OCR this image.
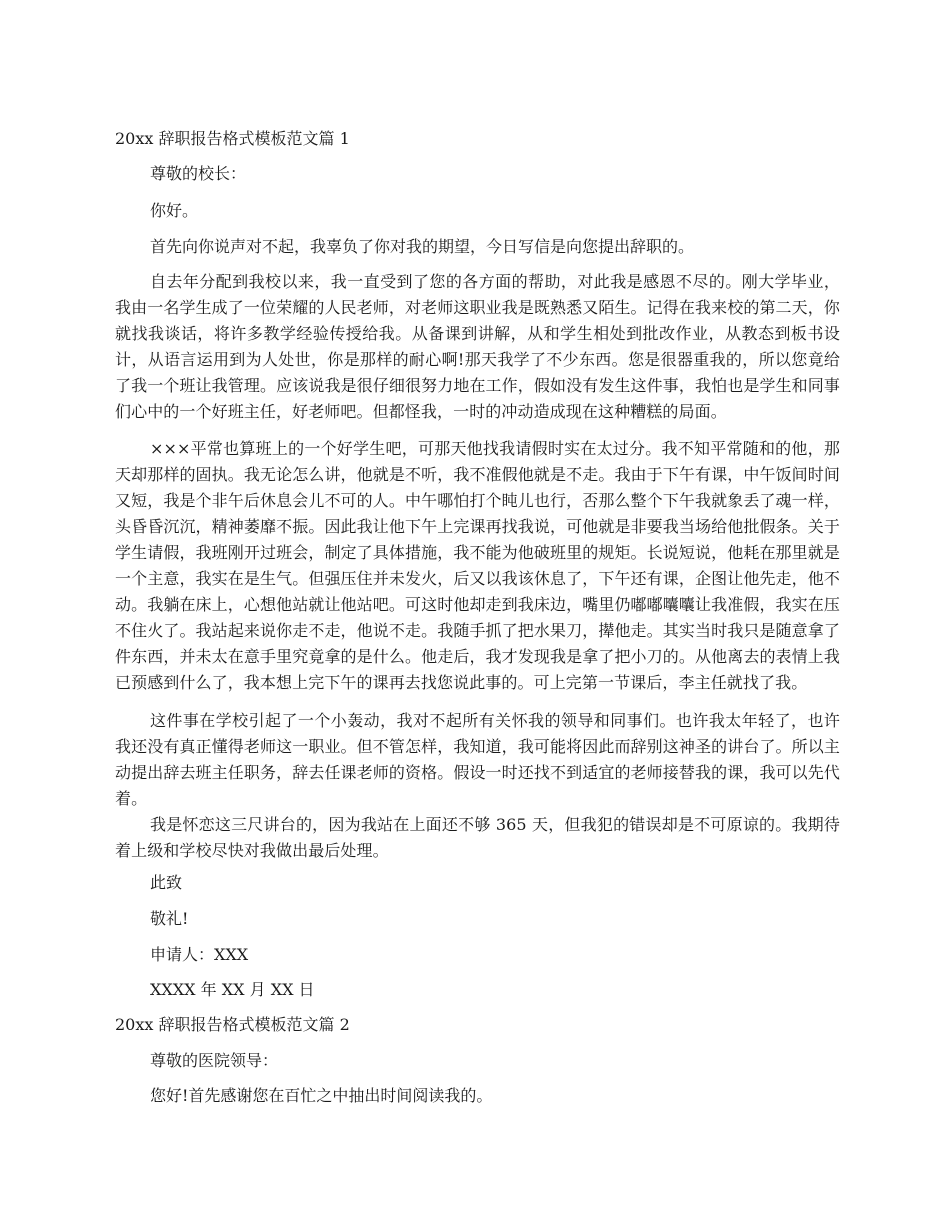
20xx 辞职报告格式模板范文篇 1
尊敬的校长：
你好。
首先向你说声对不起，我辜负了你对我的期望，今日写信是向您提出辞职的。
自去年分配到我校以来，我一直受到了您的各方面的帮助，对此我是感恩不尽的。刚大学毕业，我由一名学生成了一位荣耀的人民老师，对老师这职业我是既熟悉又陌生。记得在我来校的第二天，你就找我谈话，将许多教学经验传授给我。从备课到讲解，从和学生相处到批改作业，从教态到板书设计，从语言运用到为人处世，你是那样的耐心啊!那天我学了不少东西。您是很器重我的，所以您竟给了我一个班让我管理。应该说我是很仔细很努力地在工作，假如没有发生这件事，我怕也是学生和同事们心中的一个好班主任，好老师吧。但都怪我，一时的冲动造成现在这种糟糕的局面。
×××平常也算班上的一个好学生吧，可那天他找我请假时实在太过分。我不知平常随和的他，那天却那样的固执。我无论怎么讲，他就是不听，我不准假他就是不走。我由于下午有课，中午饭间时间又短，我是个非午后休息会儿不可的人。中午哪怕打个盹儿也行，否那么整个下午我就象丢了魂一样，头昏昏沉沉，精神萎靡不振。因此我让他下午上完课再找我说，可他就是非要我当场给他批假条。关于学生请假，我班刚开过班会，制定了具体措施，我不能为他破班里的规矩。长说短说，他耗在那里就是一个主意，我实在是生气。但强压住并未发火，后又以我该休息了，下午还有课，企图让他先走，他不动。我躺在床上，心想他站就让他站吧。可这时他却走到我床边，嘴里仍嘟嘟囔囔让我准假，我实在压不住火了。我站起来说你走不走，他说不走。我随手抓了把水果刀，撵他走。其实当时我只是随意拿了件东西，并未太在意手里究竟拿的是什么。他走后，我才发现我是拿了把小刀的。从他离去的表情上我已预感到什么了，我本想上完下午的课再去找您说此事的。可上完第一节课后，李主任就找了我。
这件事在学校引起了一个小轰动，我对不起所有关怀我的领导和同事们。也许我太年轻了，也许我还没有真正懂得老师这一职业。但不管怎样，我知道，我可能将因此而辞别这神圣的讲台了。所以主动提出辞去班主任职务，辞去任课老师的资格。假设一时还找不到适宜的老师接替我的课，我可以先代着。
我是怀恋这三尺讲台的，因为我站在上面还不够 365 天，但我犯的错误却是不可原谅的。我期待着上级和学校尽快对我做出最后处理。
此致
敬礼!
申请人：XXX
XXXX 年 XX 月 XX 日
20xx 辞职报告格式模板范文篇 2
尊敬的医院领导：
您好!首先感谢您在百忙之中抽出时间阅读我的。
